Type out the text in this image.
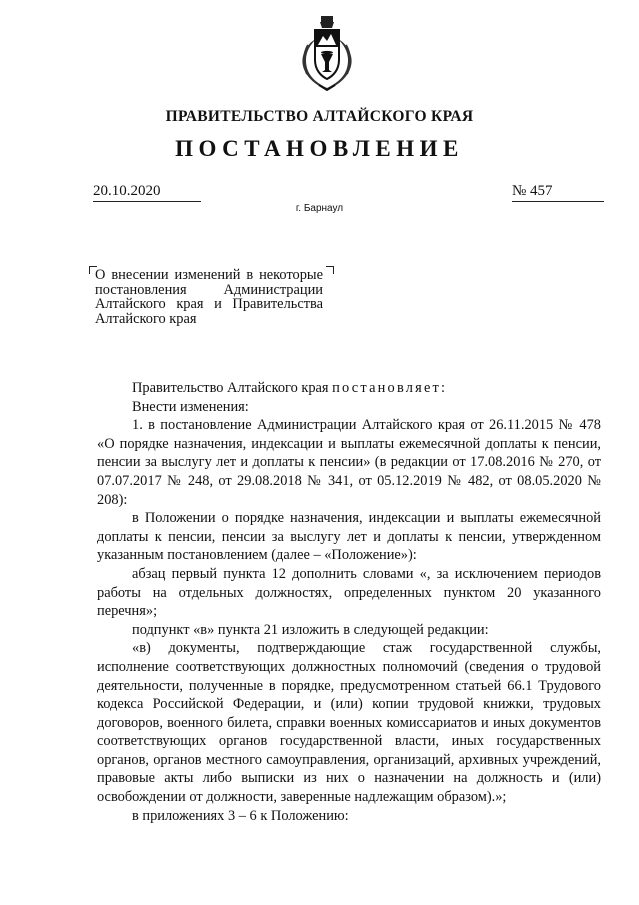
ПРАВИТЕЛЬСТВО АЛТАЙСКОГО КРАЯ
ПОСТАНОВЛЕНИЕ
20.10.2020	№ 457
г. Барнаул
О внесении изменений в некоторые постановления Администрации Алтайского края и Правительства Алтайского края

Правительство Алтайского края постановляет:

Внести изменения:

1. в постановление Администрации Алтайского края от 26.11.2015 № 478 «О порядке назначения, индексации и выплаты ежемесячной доплаты к пенсии, пенсии за выслугу лет и доплаты к пенсии» (в редакции от 17.08.2016 № 270, от 07.07.2017 № 248, от 29.08.2018 № 341, от 05.12.2019 № 482, от 08.05.2020 № 208):

в Положении о порядке назначения, индексации и выплаты ежемесячной доплаты к пенсии, пенсии за выслугу лет и доплаты к пенсии, утвержденном указанным постановлением (далее – «Положение»):

абзац первый пункта 12 дополнить словами «, за исключением периодов работы на отдельных должностях, определенных пунктом 20 указанного перечня»;

подпункт «в» пункта 21 изложить в следующей редакции:

«в) документы, подтверждающие стаж государственной службы, исполнение соответствующих должностных полномочий (сведения о трудовой деятельности, полученные в порядке, предусмотренном статьей 66.1 Трудового кодекса Российской Федерации, и (или) копии трудовой книжки, трудовых договоров, военного билета, справки военных комиссариатов и иных документов соответствующих органов государственной власти, иных государственных органов, органов местного самоуправления, организаций, архивных учреждений, правовые акты либо выписки из них о назначении на должность и (или) освобождении от должности, заверенные надлежащим образом).»;

в приложениях 3 – 6 к Положению:
